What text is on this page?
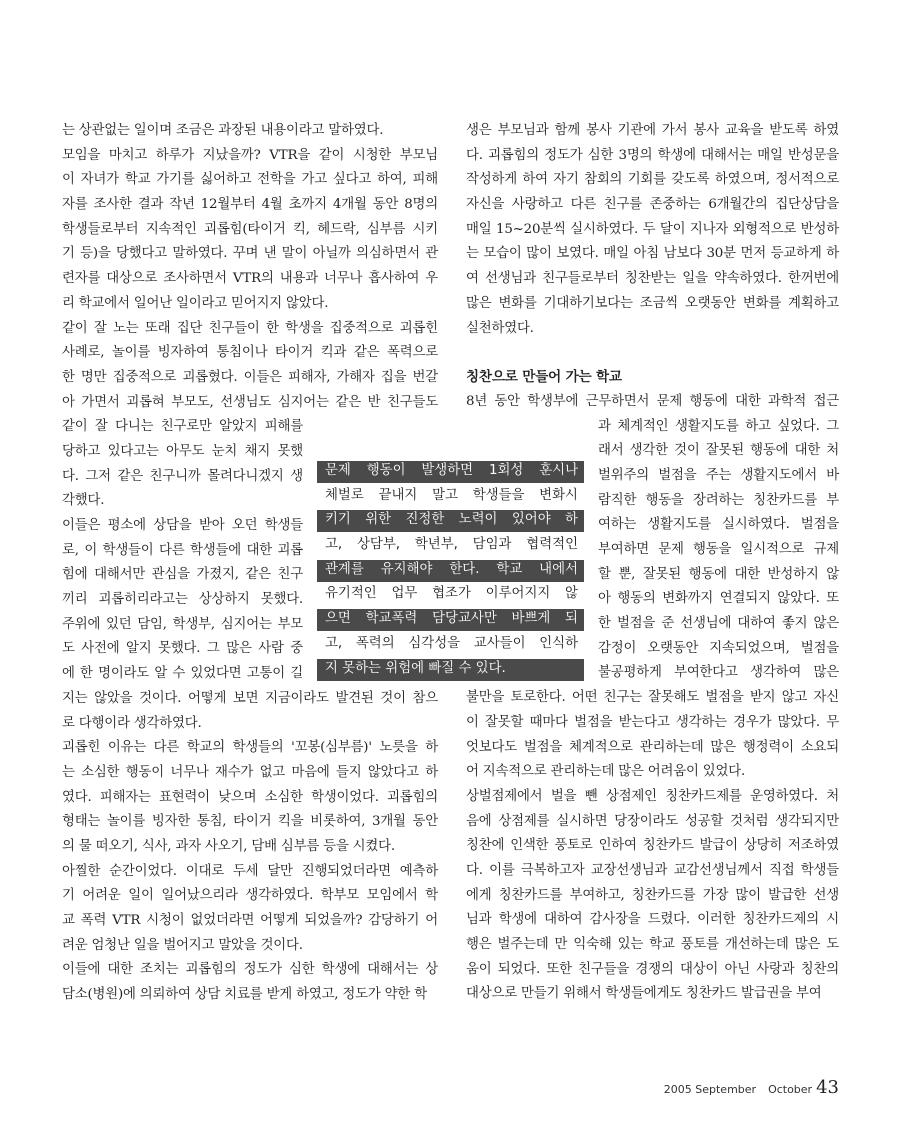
는 상관없는 일이며 조금은 과장된 내용이라고 말하였다.
모임을 마치고 하루가 지났을까? VTR을 같이 시청한 부모님
이 자녀가 학교 가기를 싫어하고 전학을 가고 싶다고 하여, 피해
자를 조사한 결과 작년 12월부터 4월 초까지 4개월 동안 8명의
학생들로부터 지속적인 괴롭힘(타이거 킥, 헤드락, 심부름 시키
기 등)을 당했다고 말하였다. 꾸며 낸 말이 아닐까 의심하면서 관
련자를 대상으로 조사하면서 VTR의 내용과 너무나 흡사하여 우
리 학교에서 일어난 일이라고 믿어지지 않았다.
같이 잘 노는 또래 집단 친구들이 한 학생을 집중적으로 괴롭힌
사례로, 놀이를 빙자하여 통침이나 타이거 킥과 같은 폭력으로
한 명만 집중적으로 괴롭혔다. 이들은 피해자, 가해자 집을 번갈
아 가면서 괴롭혀 부모도, 선생님도 심지어는 같은 반 친구들도
같이 잘 다니는 친구로만 알았지 피해를
당하고 있다고는 아무도 눈치 채지 못했
다. 그저 같은 친구니까 몰려다니겠지 생
각했다.
이들은 평소에 상담을 받아 오던 학생들
로, 이 학생들이 다른 학생들에 대한 괴롭
힘에 대해서만 관심을 가졌지, 같은 친구
끼리 괴롭히리라고는 상상하지 못했다.
주위에 있던 담임, 학생부, 심지어는 부모
도 사전에 알지 못했다. 그 많은 사람 중
에 한 명이라도 알 수 있었다면 고통이 길
지는 않았을 것이다. 어떻게 보면 지금이라도 발견된 것이 참으
로 다행이라 생각하였다.
괴롭힌 이유는 다른 학교의 학생들의 '꼬봉(심부름)' 노릇을 하
는 소심한 행동이 너무나 재수가 없고 마음에 들지 않았다고 하
였다. 피해자는 표현력이 낮으며 소심한 학생이었다. 괴롭힘의
형태는 놀이를 빙자한 통침, 타이거 킥을 비롯하여, 3개월 동안
의 물 떠오기, 식사, 과자 사오기, 담배 심부름 등을 시켰다.
아찔한 순간이었다. 이대로 두세 달만 진행되었더라면 예측하
기 어려운 일이 일어났으리라 생각하였다. 학부모 모임에서 학
교 폭력 VTR 시청이 없었더라면 어떻게 되었을까? 감당하기 어
려운 엄청난 일을 벌어지고 말았을 것이다.
이들에 대한 조치는 괴롭힘의 정도가 심한 학생에 대해서는 상
담소(병원)에 의뢰하여 상담 치료를 받게 하였고, 정도가 약한 학
생은 부모님과 함께 봉사 기관에 가서 봉사 교육을 받도록 하였
다. 괴롭힘의 정도가 심한 3명의 학생에 대해서는 매일 반성문을
작성하게 하여 자기 참회의 기회를 갖도록 하였으며, 정서적으로
자신을 사랑하고 다른 친구를 존중하는 6개월간의 집단상담을
매일 15~20분씩 실시하였다. 두 달이 지나자 외형적으로 반성하
는 모습이 많이 보였다. 매일 아침 남보다 30분 먼저 등교하게 하
여 선생님과 친구들로부터 칭찬받는 일을 약속하였다. 한꺼번에
많은 변화를 기대하기보다는 조금씩 오랫동안 변화를 계획하고
실천하였다.
칭찬으로 만들어 가는 학교
8년 동안 학생부에 근무하면서 문제 행동에 대한 과학적 접근
과 체계적인 생활지도를 하고 싶었다. 그
래서 생각한 것이 잘못된 행동에 대한 처
벌위주의 벌점을 주는 생활지도에서 바
람직한 행동을 장려하는 칭찬카드를 부
여하는 생활지도를 실시하였다. 벌점을
부여하면 문제 행동을 일시적으로 규제
할 뿐, 잘못된 행동에 대한 반성하지 않
아 행동의 변화까지 연결되지 않았다. 또
한 벌점을 준 선생님에 대하여 좋지 않은
감정이 오랫동안 지속되었으며, 벌점을
불공평하게 부여한다고 생각하여 많은
불만을 토로한다. 어떤 친구는 잘못해도 벌점을 받지 않고 자신
이 잘못할 때마다 벌점을 받는다고 생각하는 경우가 많았다. 무
엇보다도 벌점을 체계적으로 관리하는데 많은 행정력이 소요되
어 지속적으로 관리하는데 많은 어려움이 있었다.
상벌점제에서 벌을 뺀 상점제인 칭찬카드제를 운영하였다. 처
음에 상점제를 실시하면 당장이라도 성공할 것처럼 생각되지만
칭찬에 인색한 풍토로 인하여 칭찬카드 발급이 상당히 저조하였
다. 이를 극복하고자 교장선생님과 교감선생님께서 직접 학생들
에게 칭찬카드를 부여하고, 칭찬카드를 가장 많이 발급한 선생
님과 학생에 대하여 감사장을 드렸다. 이러한 칭찬카드제의 시
행은 벌주는데 만 익숙해 있는 학교 풍토를 개선하는데 많은 도
움이 되었다. 또한 친구들을 경쟁의 대상이 아닌 사랑과 칭찬의
대상으로 만들기 위해서 학생들에게도 칭찬카드 발급권을 부여
문제 행동이 발생하면 1회성 훈시나
체벌로 끝내지 말고 학생들을 변화시
키기 위한 진정한 노력이 있어야 하
고, 상담부, 학년부, 담임과 협력적인
관계를 유지해야 한다. 학교 내에서
유기적인 업무 협조가 이루어지지 않
으면 학교폭력 담당교사만 바쁘게 되
고, 폭력의 심각성을 교사들이 인식하
지 못하는 위험에 빠질 수 있다.
2005 September October 43
